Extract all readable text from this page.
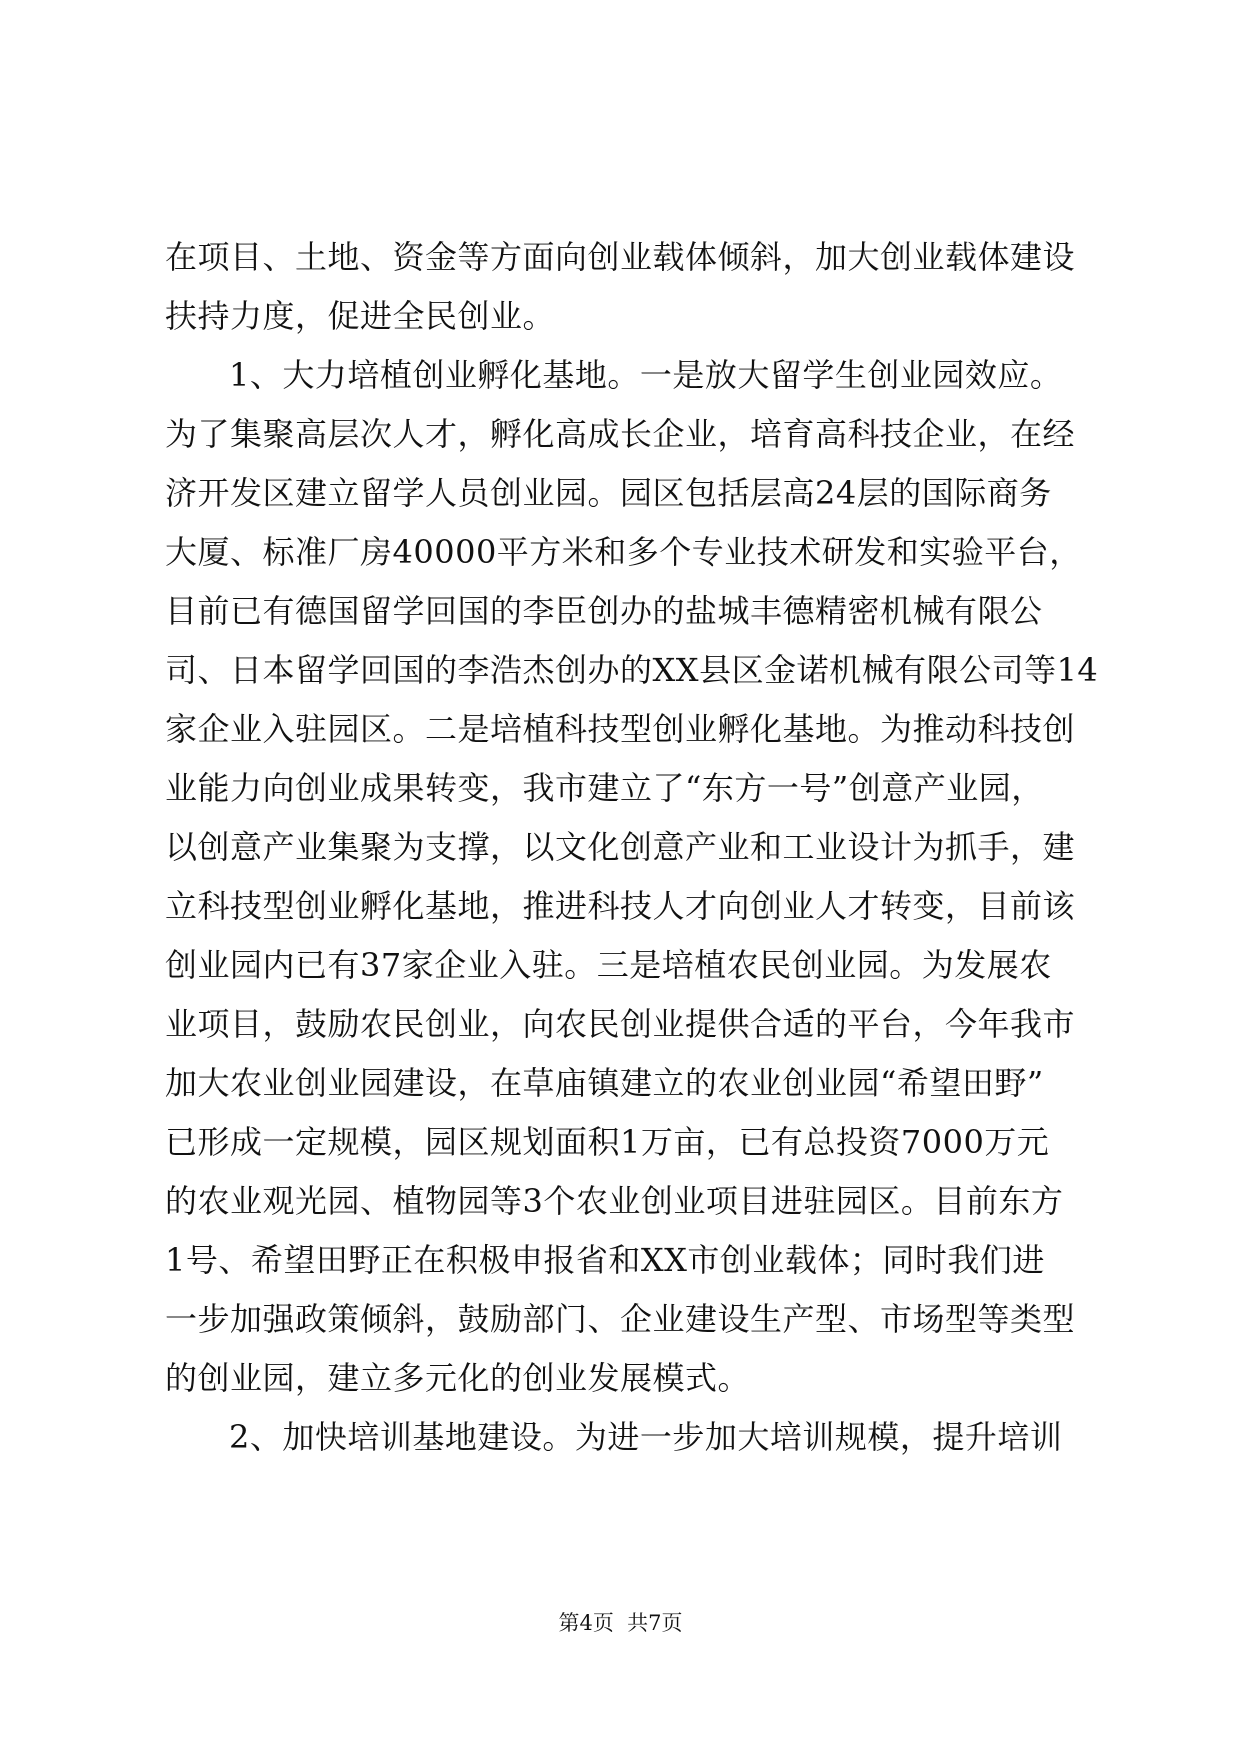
在项目、土地、资金等方面向创业载体倾斜，加大创业载体建设
扶持力度，促进全民创业。
1、大力培植创业孵化基地。一是放大留学生创业园效应。
为了集聚高层次人才，孵化高成长企业，培育高科技企业，在经
济开发区建立留学人员创业园。园区包括层高24层的国际商务
大厦、标准厂房40000平方米和多个专业技术研发和实验平台，
目前已有德国留学回国的李臣创办的盐城丰德精密机械有限公
司、日本留学回国的李浩杰创办的XX县区金诺机械有限公司等14
家企业入驻园区。二是培植科技型创业孵化基地。为推动科技创
业能力向创业成果转变，我市建立了“东方一号”创意产业园，
以创意产业集聚为支撑，以文化创意产业和工业设计为抓手，建
立科技型创业孵化基地，推进科技人才向创业人才转变，目前该
创业园内已有37家企业入驻。三是培植农民创业园。为发展农
业项目，鼓励农民创业，向农民创业提供合适的平台，今年我市
加大农业创业园建设，在草庙镇建立的农业创业园“希望田野”
已形成一定规模，园区规划面积1万亩，已有总投资7000万元
的农业观光园、植物园等3个农业创业项目进驻园区。目前东方
1号、希望田野正在积极申报省和XX市创业载体；同时我们进
一步加强政策倾斜，鼓励部门、企业建设生产型、市场型等类型
的创业园，建立多元化的创业发展模式。
2、加快培训基地建设。为进一步加大培训规模，提升培训
第4页  共7页
